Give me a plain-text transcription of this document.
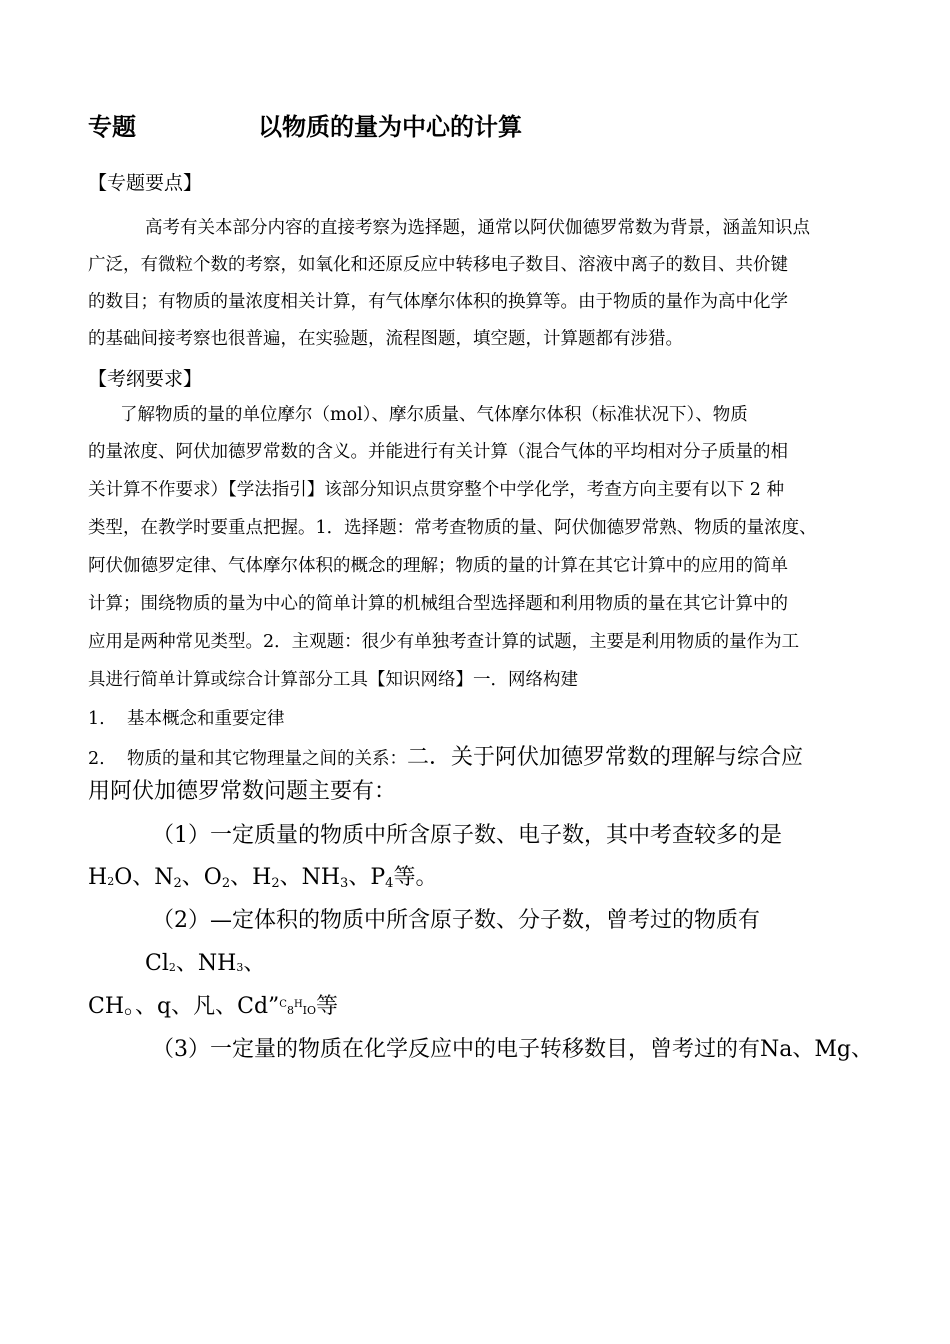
专题	以物质的量为中心的计算
【专题要点】
高考有关本部分内容的直接考察为选择题，通常以阿伏伽德罗常数为背景，涵盖知识点
广泛，有微粒个数的考察，如氧化和还原反应中转移电子数目、溶液中离子的数目、共价键
的数目；有物质的量浓度相关计算，有气体摩尔体积的换算等。由于物质的量作为高中化学
的基础间接考察也很普遍，在实验题，流程图题，填空题，计算题都有涉猎。
【考纲要求】
了解物质的量的单位摩尔（mol）、摩尔质量、气体摩尔体积（标准状况下）、物质
的量浓度、阿伏加德罗常数的含义。并能进行有关计算（混合气体的平均相对分子质量的相
关计算不作要求）【学法指引】该部分知识点贯穿整个中学化学，考查方向主要有以下 2 种
类型，在教学时要重点把握。1．选择题：常考查物质的量、阿伏伽德罗常熟、物质的量浓度、
阿伏伽德罗定律、气体摩尔体积的概念的理解；物质的量的计算在其它计算中的应用的简单
计算；围绕物质的量为中心的简单计算的机械组合型选择题和利用物质的量在其它计算中的
应用是两种常见类型。2．主观题：很少有单独考查计算的试题，主要是利用物质的量作为工
具进行简单计算或综合计算部分工具【知识网络】一．网络构建
1.    基本概念和重要定律
2.    物质的量和其它物理量之间的关系：二．关于阿伏加德罗常数的理解与综合应
用阿伏加德罗常数问题主要有：
（1）一定质量的物质中所含原子数、电子数，其中考查较多的是
H2O、$N_2$、$O_2$、$H_2$、$NH_3$、$P_4$等。
（2）—定体积的物质中所含原子数、分子数，曾考过的物质有
Cl2、NH3、
CH。、q、凡、$Cd”^C8^HIO$等
（3）一定量的物质在化学反应中的电子转移数目，曾考过的有Na、Mg、
